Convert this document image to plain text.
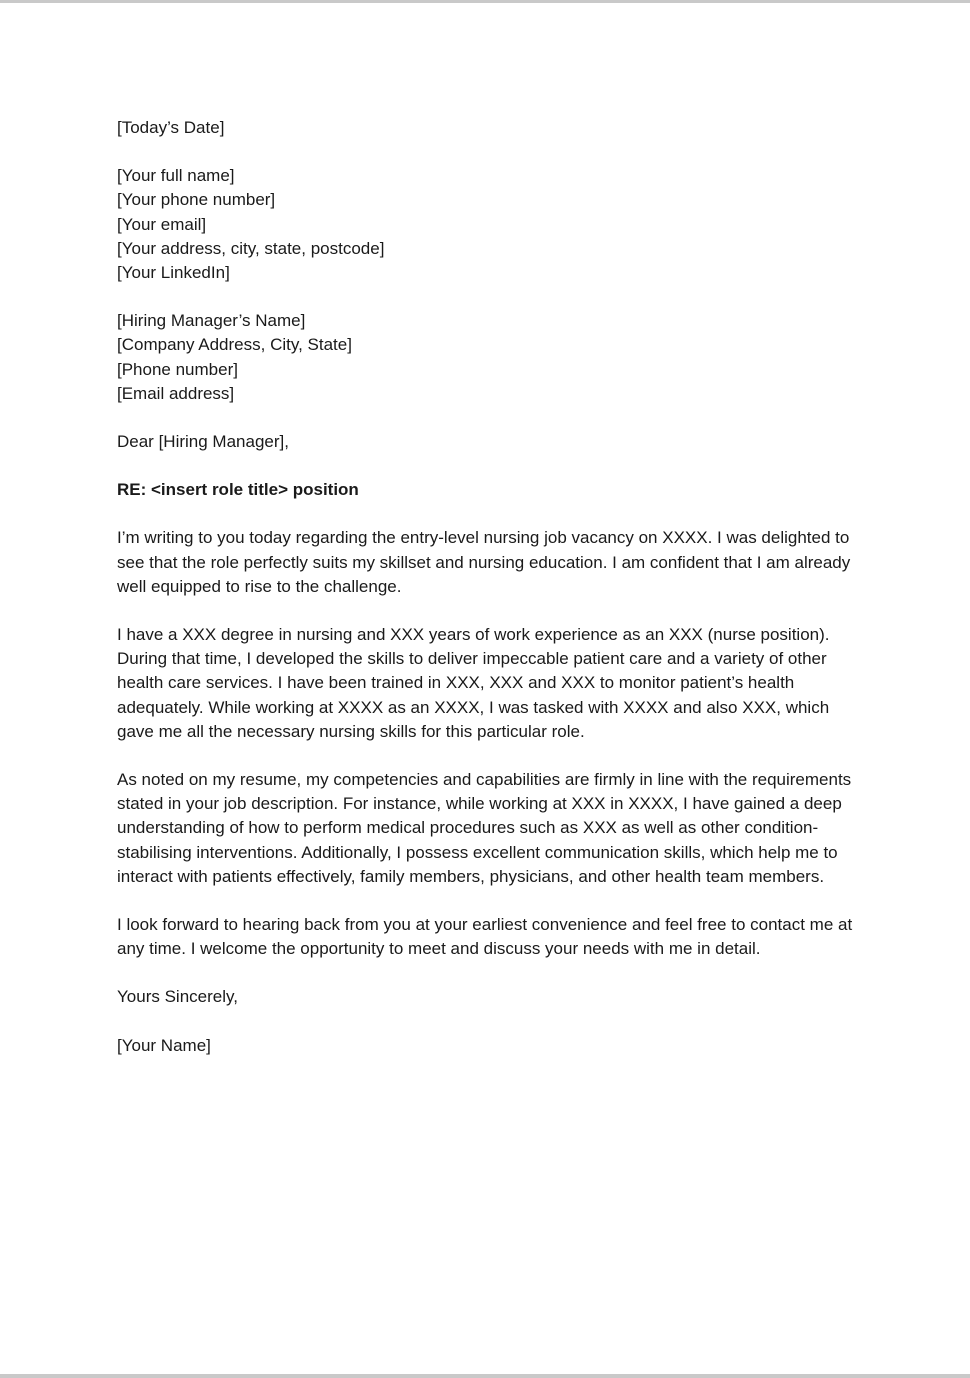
[Today’s Date]

[Your full name]

[Your phone number]

[Your email]

[Your address, city, state, postcode]

[Your LinkedIn]

[Hiring Manager’s Name]

[Company Address, City, State]

[Phone number]

[Email address]

Dear [Hiring Manager],

RE: <insert role title> position

I’m writing to you today regarding the entry-level nursing job vacancy on XXXX. I was delighted to see that the role perfectly suits my skillset and nursing education. I am confident that I am already well equipped to rise to the challenge.

I have a XXX degree in nursing and XXX years of work experience as an XXX (nurse position). During that time, I developed the skills to deliver impeccable patient care and a variety of other health care services. I have been trained in XXX, XXX and XXX to monitor patient’s health adequately. While working at XXXX as an XXXX, I was tasked with XXXX and also XXX, which gave me all the necessary nursing skills for this particular role.

As noted on my resume, my competencies and capabilities are firmly in line with the requirements stated in your job description. For instance, while working at XXX in XXXX, I have gained a deep understanding of how to perform medical procedures such as XXX as well as other condition-stabilising interventions. Additionally, I possess excellent communication skills, which help me to interact with patients effectively, family members, physicians, and other health team members.

I look forward to hearing back from you at your earliest convenience and feel free to contact me at any time. I welcome the opportunity to meet and discuss your needs with me in detail.

Yours Sincerely,

[Your Name]
